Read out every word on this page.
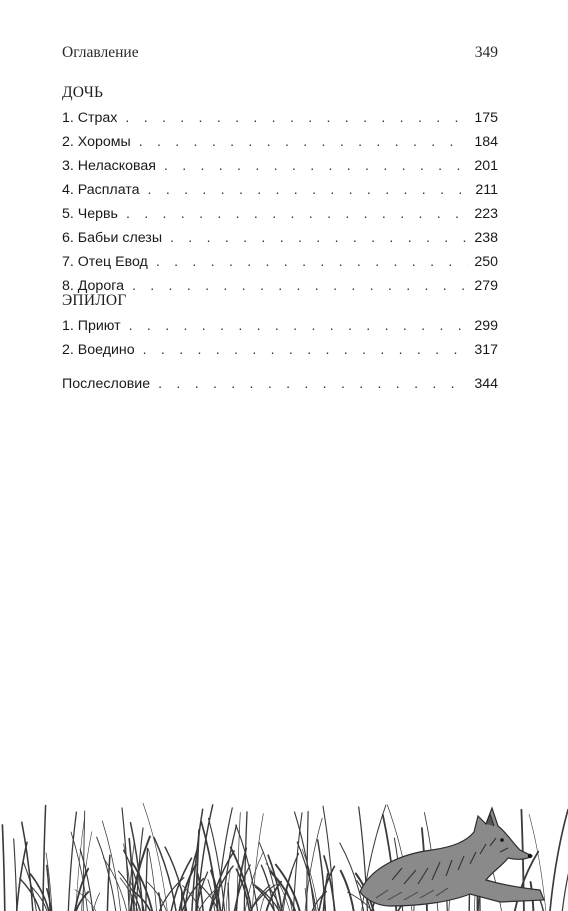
Оглавление	349
ДОЧЬ
1. Страх . . .	175
2. Хоромы . . .	184
3. Неласковая . . .	201
4. Расплата . . .	211
5. Червь . . .	223
6. Бабьи слезы . . .	238
7. Отец Евод . . .	250
8. Дорога . . .	279
ЭПИЛОГ
1. Приют . . .	299
2. Воедино . . .	317
Послесловие . . .	344
